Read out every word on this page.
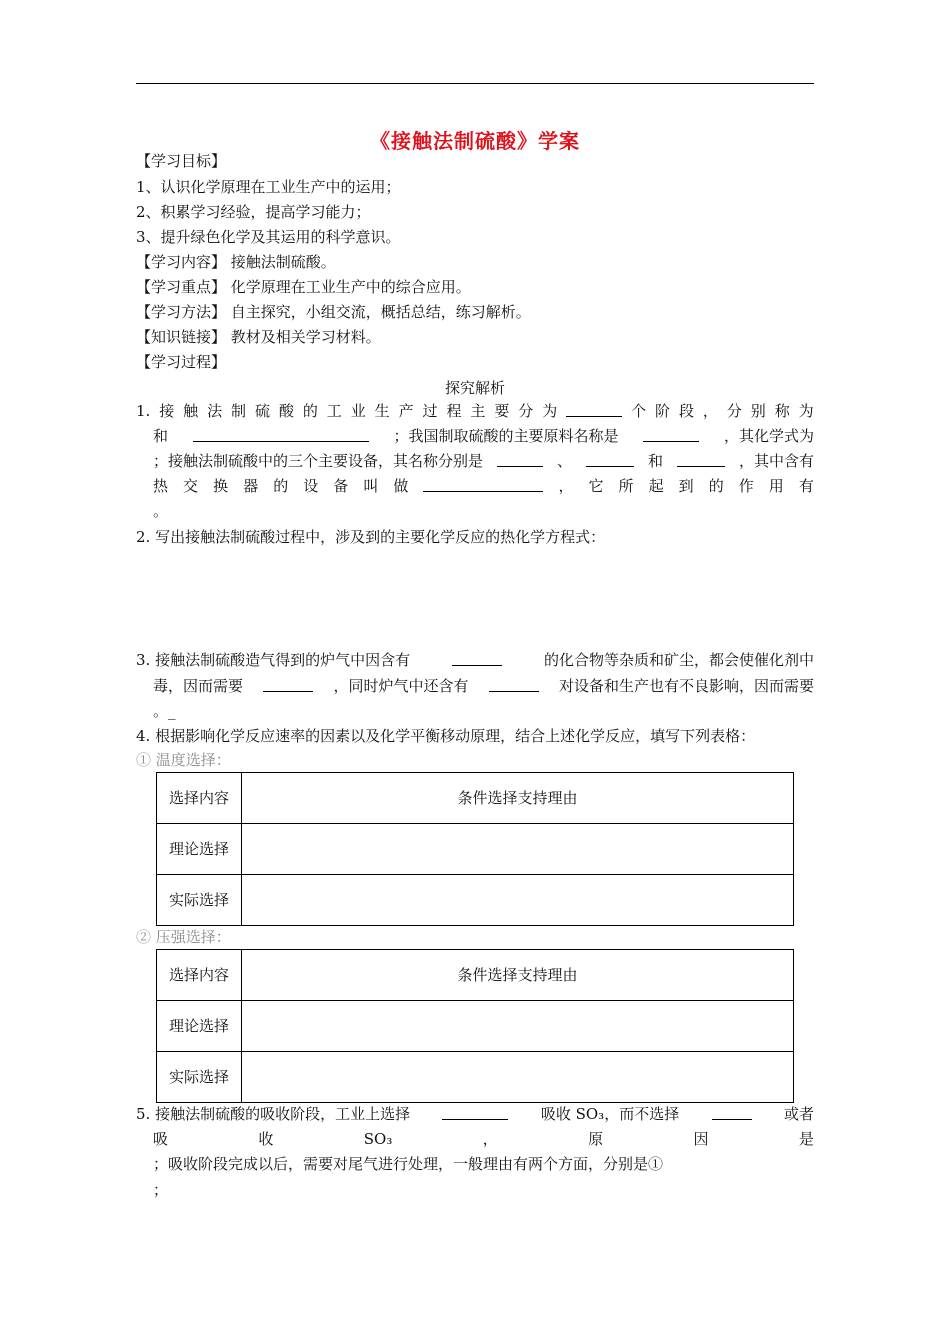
《接触法制硫酸》学案
【学习目标】
1、认识化学原理在工业生产中的运用；
2、积累学习经验，提高学习能力；
3、提升绿色化学及其运用的科学意识。
【学习内容】 接触法制硫酸。
【学习重点】 化学原理在工业生产中的综合应用。
【学习方法】 自主探究，小组交流，概括总结，练习解析。
【知识链接】 教材及相关学习材料。
【学习过程】
探究解析
1. 接 触 法 制 硫 酸 的 工 业 生 产 过 程 主 要 分 为	个 阶 段 ， 分 别 称 为
和	；我国制取硫酸的主要原料名称是	，其化学式为
；接触法制硫酸中的三个主要设备，其名称分别是	、	和	，其中含有
热 交 换 器 的 设 备 叫 做	， 它 所 起 到 的 作 用 有
。
2. 写出接触法制硫酸过程中，涉及到的主要化学反应的热化学方程式：
3. 接触法制硫酸造气得到的炉气中因含有	的化合物等杂质和矿尘，都会使催化剂中
毒，因而需要	，同时炉气中还含有	对设备和生产也有不良影响，因而需要
。_
4. 根据影响化学反应速率的因素以及化学平衡移动原理，结合上述化学反应，填写下列表格：
① 温度选择：
选择内容	条件选择支持理由
理论选择	
实际选择	
② 压强选择：
选择内容	条件选择支持理由
理论选择	
实际选择	
5. 接触法制硫酸的吸收阶段，工业上选择	吸收 SO₃，而不选择	或者
吸	收	SO₃	，	原	因	是
；吸收阶段完成以后，需要对尾气进行处理，一般理由有两个方面，分别是①
；
